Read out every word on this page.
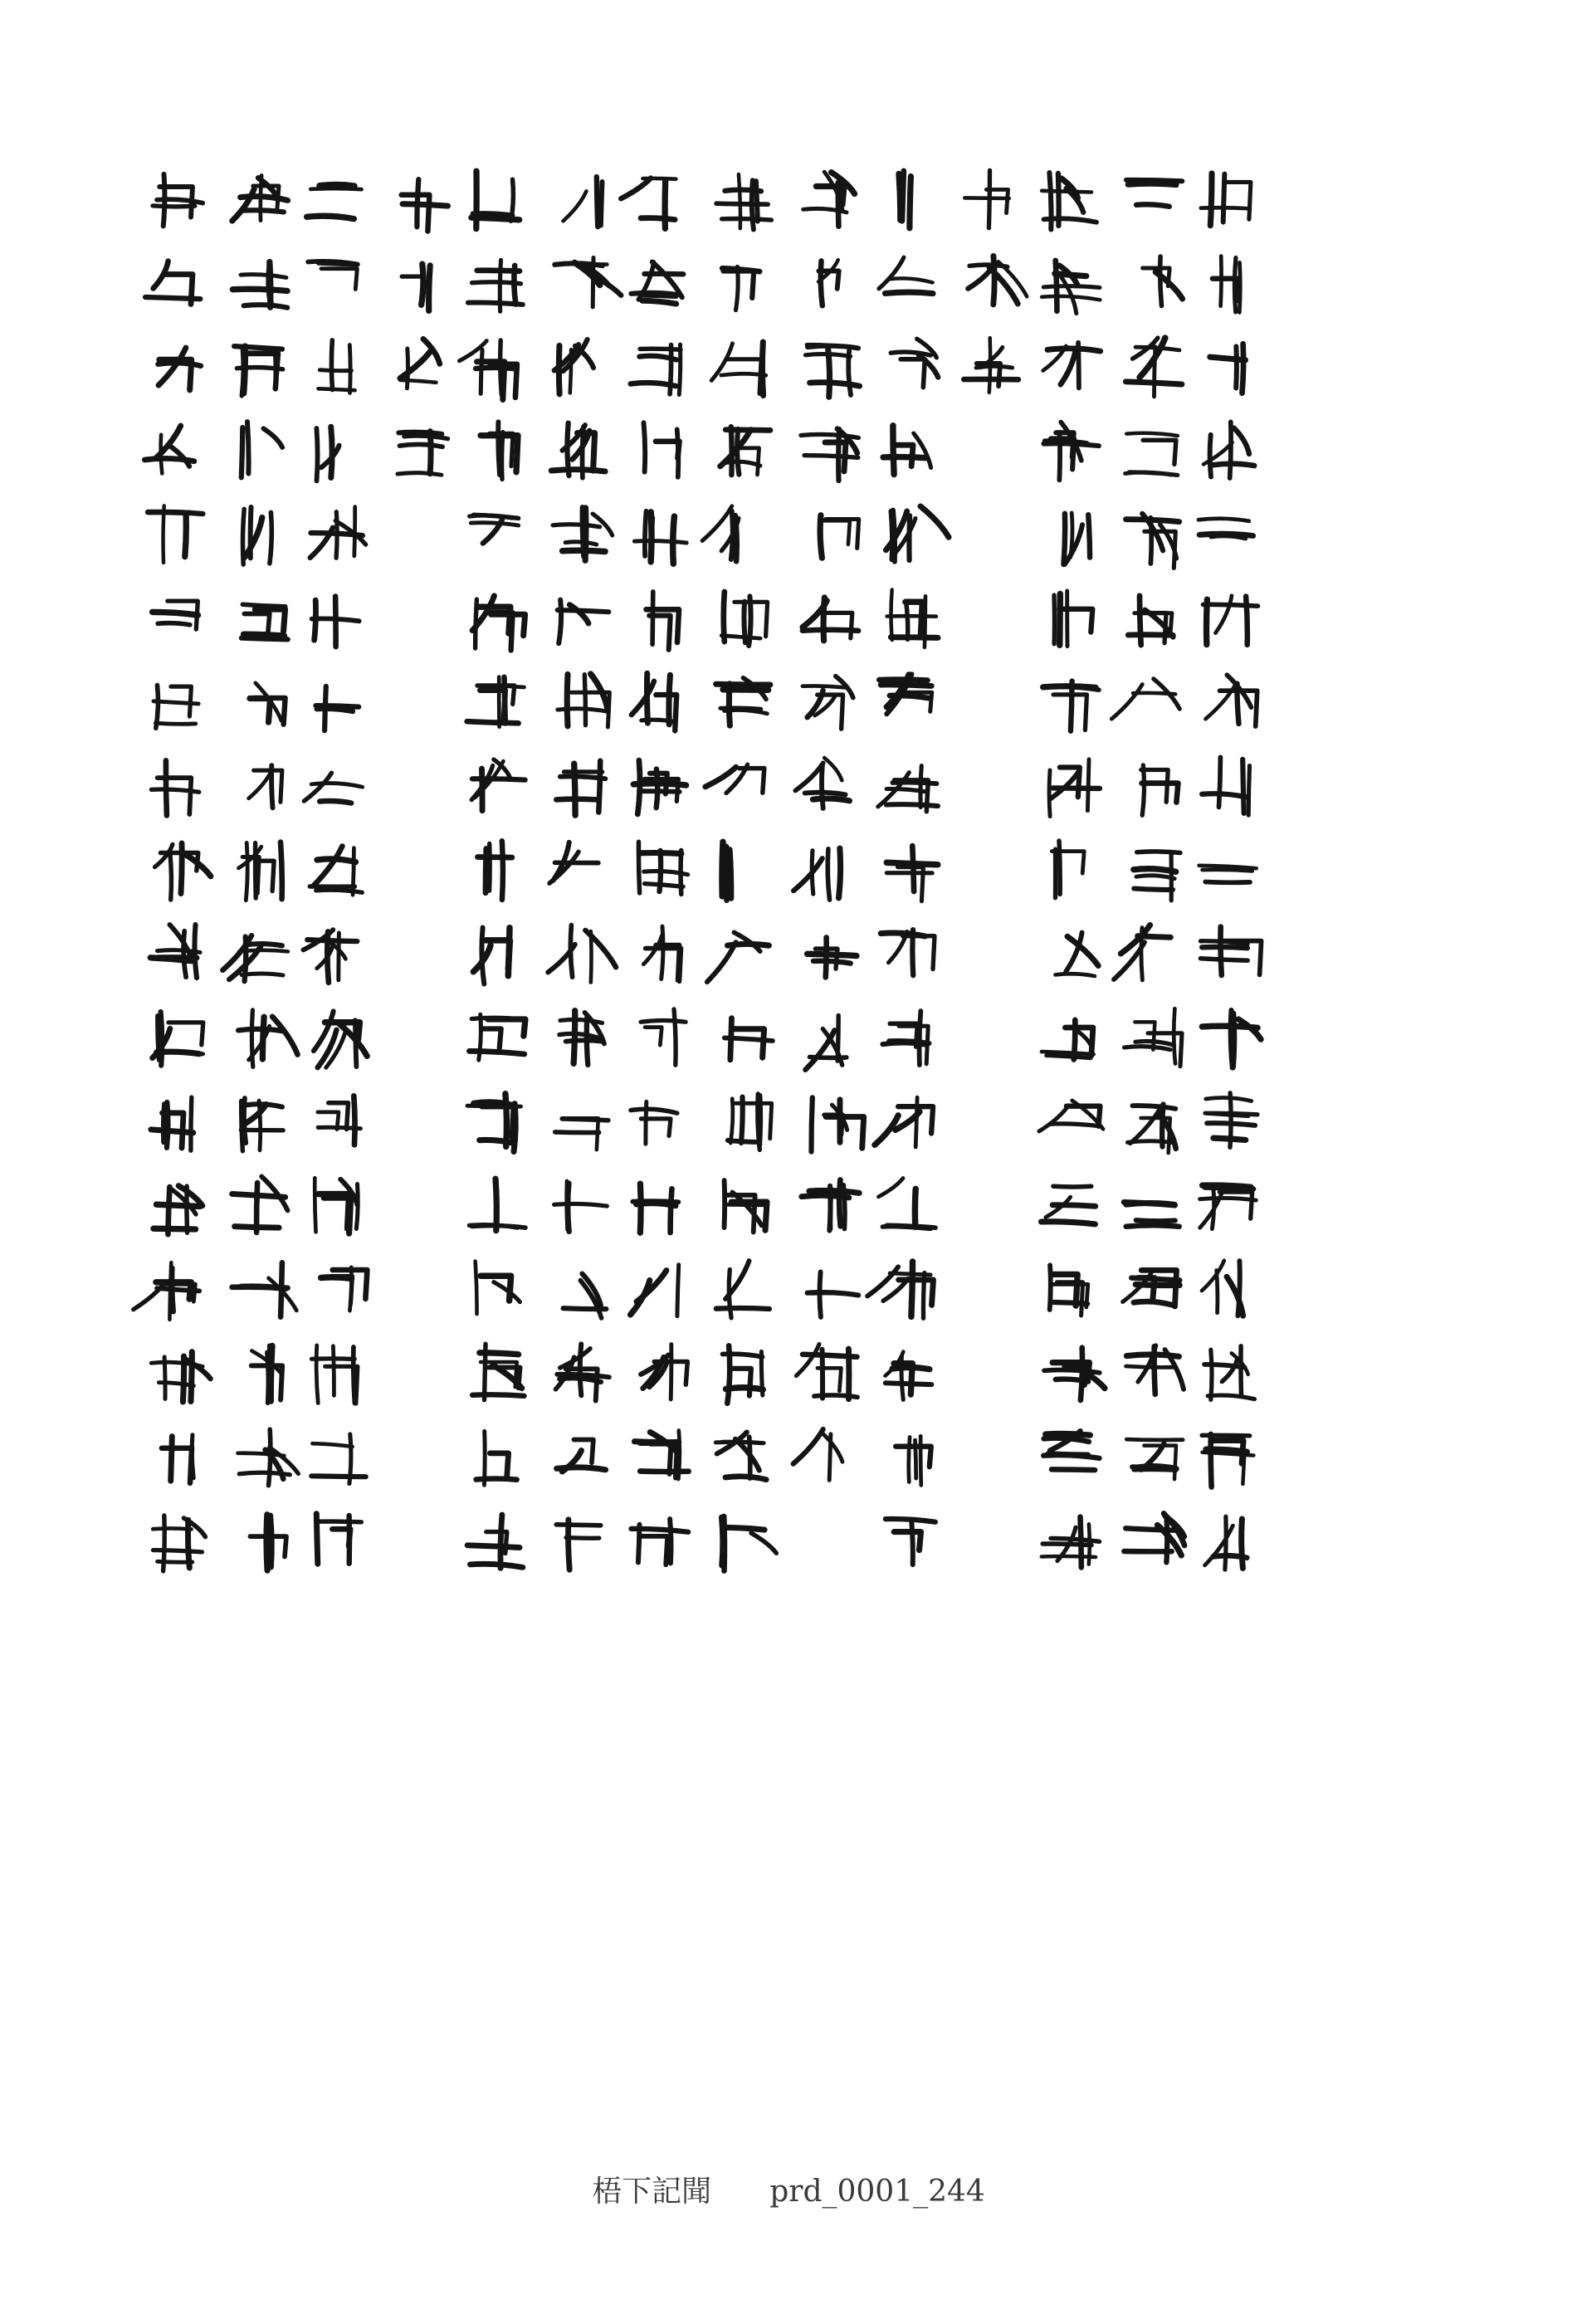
梧下記聞 prd_0001_244
